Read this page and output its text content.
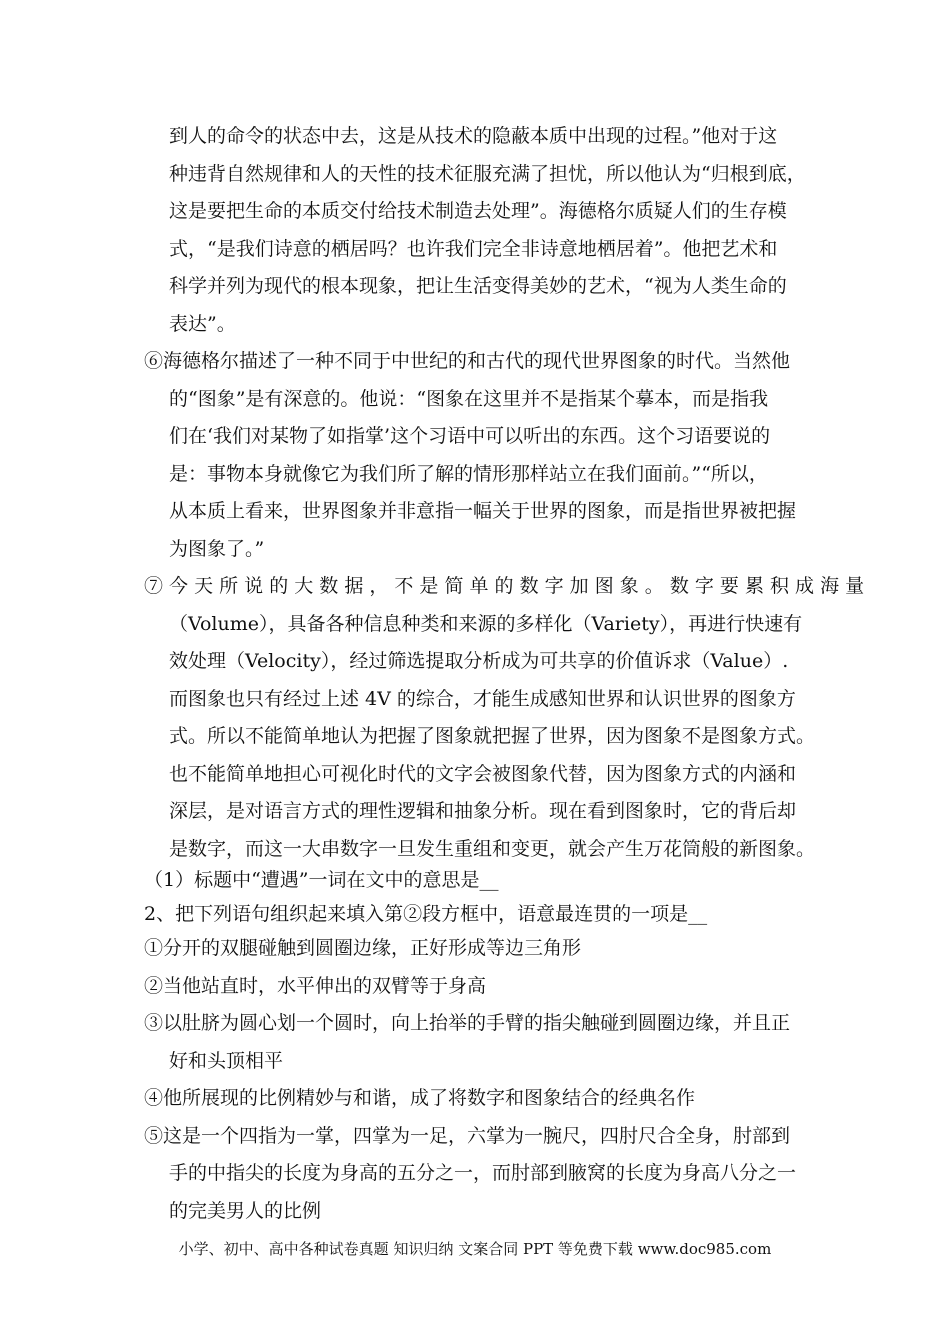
到人的命令的状态中去，这是从技术的隐蔽本质中出现的过程。”他对于这
种违背自然规律和人的天性的技术征服充满了担忧，所以他认为“归根到底，
这是要把生命的本质交付给技术制造去处理”。海德格尔质疑人们的生存模
式，“是我们诗意的栖居吗？也许我们完全非诗意地栖居着”。他把艺术和
科学并列为现代的根本现象，把让生活变得美妙的艺术，“视为人类生命的
表达”。
⑥海德格尔描述了一种不同于中世纪的和古代的现代世界图象的时代。当然他
的“图象”是有深意的。他说：“图象在这里并不是指某个摹本，而是指我
们在‘我们对某物了如指掌’这个习语中可以听出的东西。这个习语要说的
是：事物本身就像它为我们所了解的情形那样站立在我们面前。”“所以，
从本质上看来，世界图象并非意指一幅关于世界的图象，而是指世界被把握
为图象了。”
⑦ 今 天 所 说 的 大 数 据 ， 不 是 简 单 的 数 字 加 图 象 。 数 字 要 累 积 成 海 量
（Volume），具备各种信息种类和来源的多样化（Variety），再进行快速有
效处理（Velocity），经过筛选提取分析成为可共享的价值诉求（Value）.
而图象也只有经过上述 4V 的综合，才能生成感知世界和认识世界的图象方
式。所以不能简单地认为把握了图象就把握了世界，因为图象不是图象方式。
也不能简单地担心可视化时代的文字会被图象代替，因为图象方式的内涵和
深层，是对语言方式的理性逻辑和抽象分析。现在看到图象时，它的背后却
是数字，而这一大串数字一旦发生重组和变更，就会产生万花筒般的新图象。
（1）标题中“遭遇”一词在文中的意思是__
2、把下列语句组织起来填入第②段方框中，语意最连贯的一项是__
①分开的双腿碰触到圆圈边缘，正好形成等边三角形
②当他站直时，水平伸出的双臂等于身高
③以肚脐为圆心划一个圆时，向上抬举的手臂的指尖触碰到圆圈边缘，并且正
好和头顶相平
④他所展现的比例精妙与和谐，成了将数字和图象结合的经典名作
⑤这是一个四指为一掌，四掌为一足，六掌为一腕尺，四肘尺合全身，肘部到
手的中指尖的长度为身高的五分之一，而肘部到腋窝的长度为身高八分之一
的完美男人的比例
小学、初中、高中各种试卷真题 知识归纳 文案合同 PPT 等免费下载 www.doc985.com
